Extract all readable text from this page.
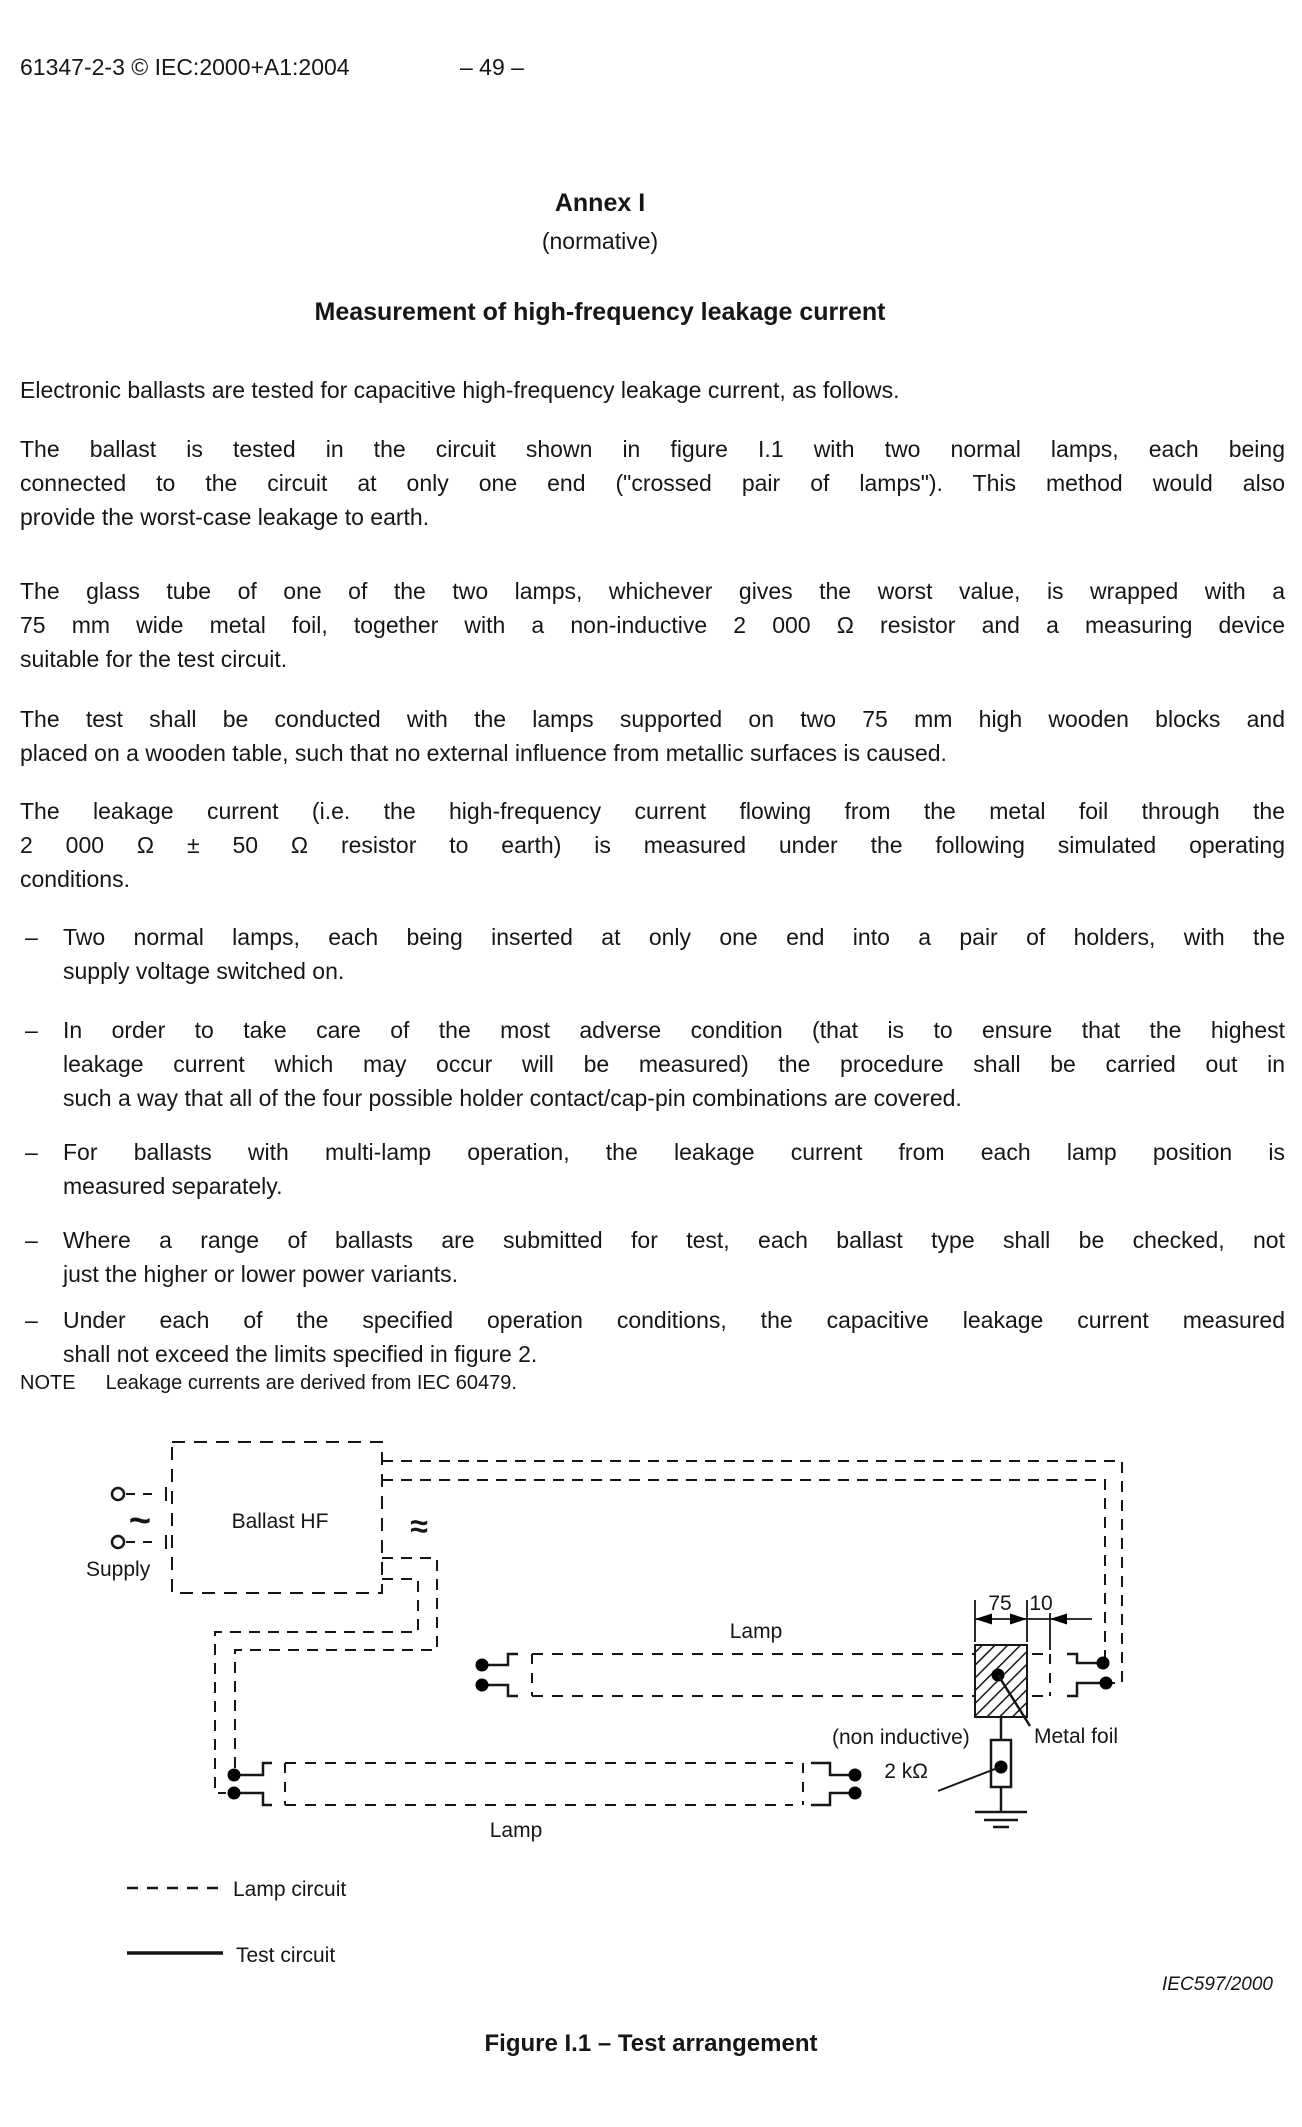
61347-2-3 © IEC:2000+A1:2004	– 49 –
Annex I
(normative)
Measurement of high-frequency leakage current
Electronic ballasts are tested for capacitive high-frequency leakage current, as follows.
The ballast is tested in the circuit shown in figure I.1 with two normal lamps, each being
connected to the circuit at only one end ("crossed pair of lamps"). This method would also
provide the worst-case leakage to earth.
The glass tube of one of the two lamps, whichever gives the worst value, is wrapped with a
75 mm wide metal foil, together with a non-inductive 2 000 Ω resistor and a measuring device
suitable for the test circuit.
The test shall be conducted with the lamps supported on two 75 mm high wooden blocks and
placed on a wooden table, such that no external influence from metallic surfaces is caused.
The leakage current (i.e. the high-frequency current flowing from the metal foil through the
2 000 Ω ± 50 Ω resistor to earth) is measured under the following simulated operating
conditions.
– Two normal lamps, each being inserted at only one end into a pair of holders, with the
supply voltage switched on.
– In order to take care of the most adverse condition (that is to ensure that the highest
leakage current which may occur will be measured) the procedure shall be carried out in
such a way that all of the four possible holder contact/cap-pin combinations are covered.
– For ballasts with multi-lamp operation, the leakage current from each lamp position is
measured separately.
– Where a range of ballasts are submitted for test, each ballast type shall be checked, not
just the higher or lower power variants.
– Under each of the specified operation conditions, the capacitive leakage current measured
shall not exceed the limits specified in figure 2.
NOTE Leakage currents are derived from IEC 60479.
Ballast HF
~
Supply
≈
Lamp
Metal foil
75 10
2 kΩ
(non inductive)
Lamp
Lamp circuit
Test circuit
IEC 597/2000
Figure I.1 – Test arrangement
